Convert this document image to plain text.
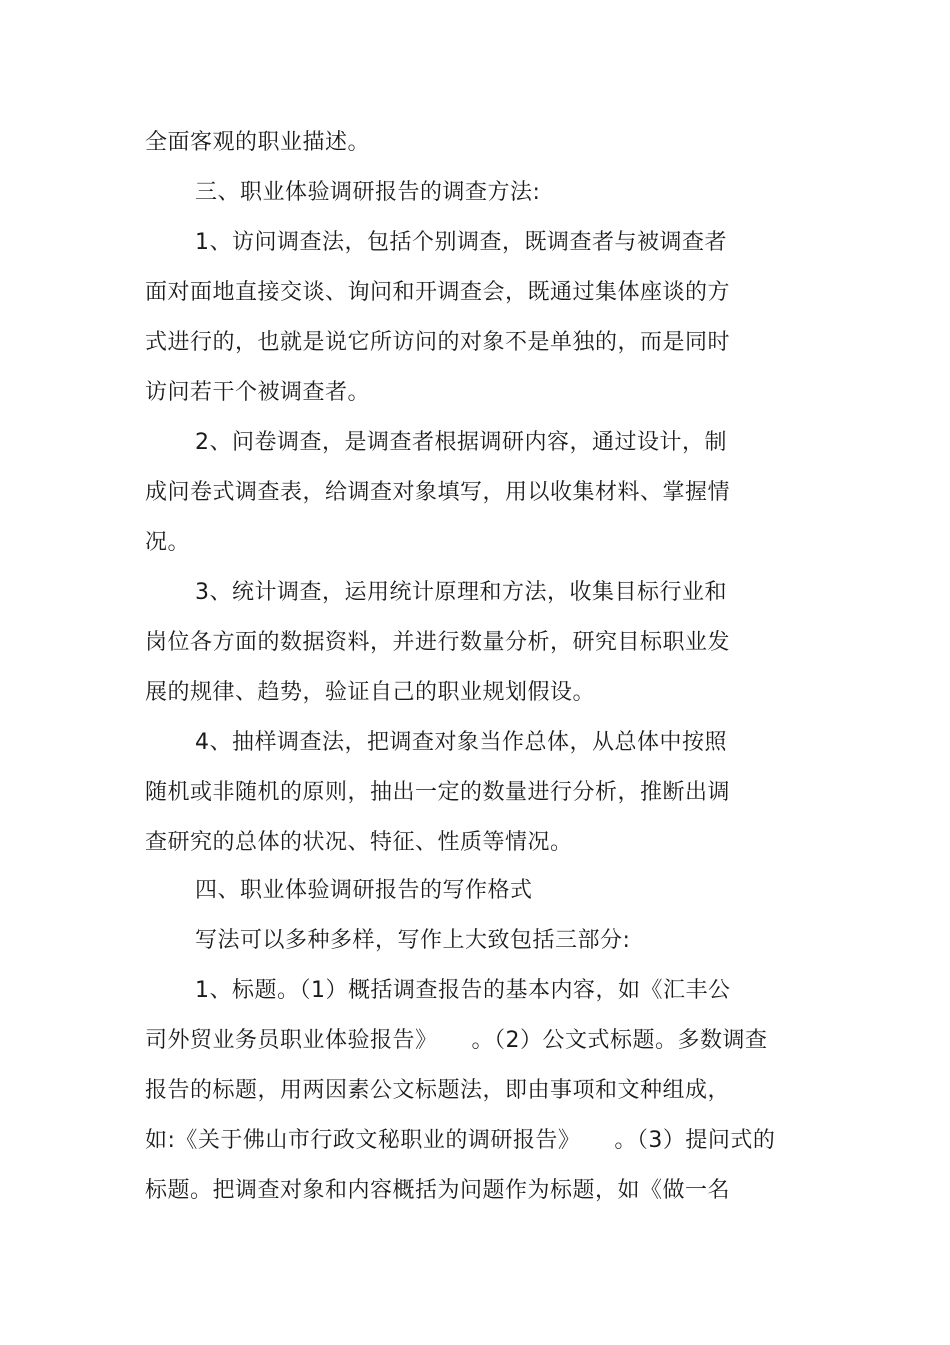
全面客观的职业描述。
三、职业体验调研报告的调查方法:
1、访问调查法，包括个别调查，既调查者与被调查者
面对面地直接交谈、询问和开调查会，既通过集体座谈的方
式进行的，也就是说它所访问的对象不是单独的，而是同时
访问若干个被调查者。
2、问卷调查，是调查者根据调研内容，通过设计，制
成问卷式调查表，给调查对象填写，用以收集材料、掌握情
况。
3、统计调查，运用统计原理和方法，收集目标行业和
岗位各方面的数据资料，并进行数量分析，研究目标职业发
展的规律、趋势，验证自己的职业规划假设。
4、抽样调查法，把调查对象当作总体，从总体中按照
随机或非随机的原则，抽出一定的数量进行分析，推断出调
查研究的总体的状况、特征、性质等情况。
四、职业体验调研报告的写作格式
写法可以多种多样，写作上大致包括三部分:
1、标题。（1）概括调查报告的基本内容，如《汇丰公
司外贸业务员职业体验报告》　　。（2）公文式标题。多数调查
报告的标题，用两因素公文标题法，即由事项和文种组成，
如:《关于佛山市行政文秘职业的调研报告》　　。（3）提问式的
标题。把调查对象和内容概括为问题作为标题，如《做一名
